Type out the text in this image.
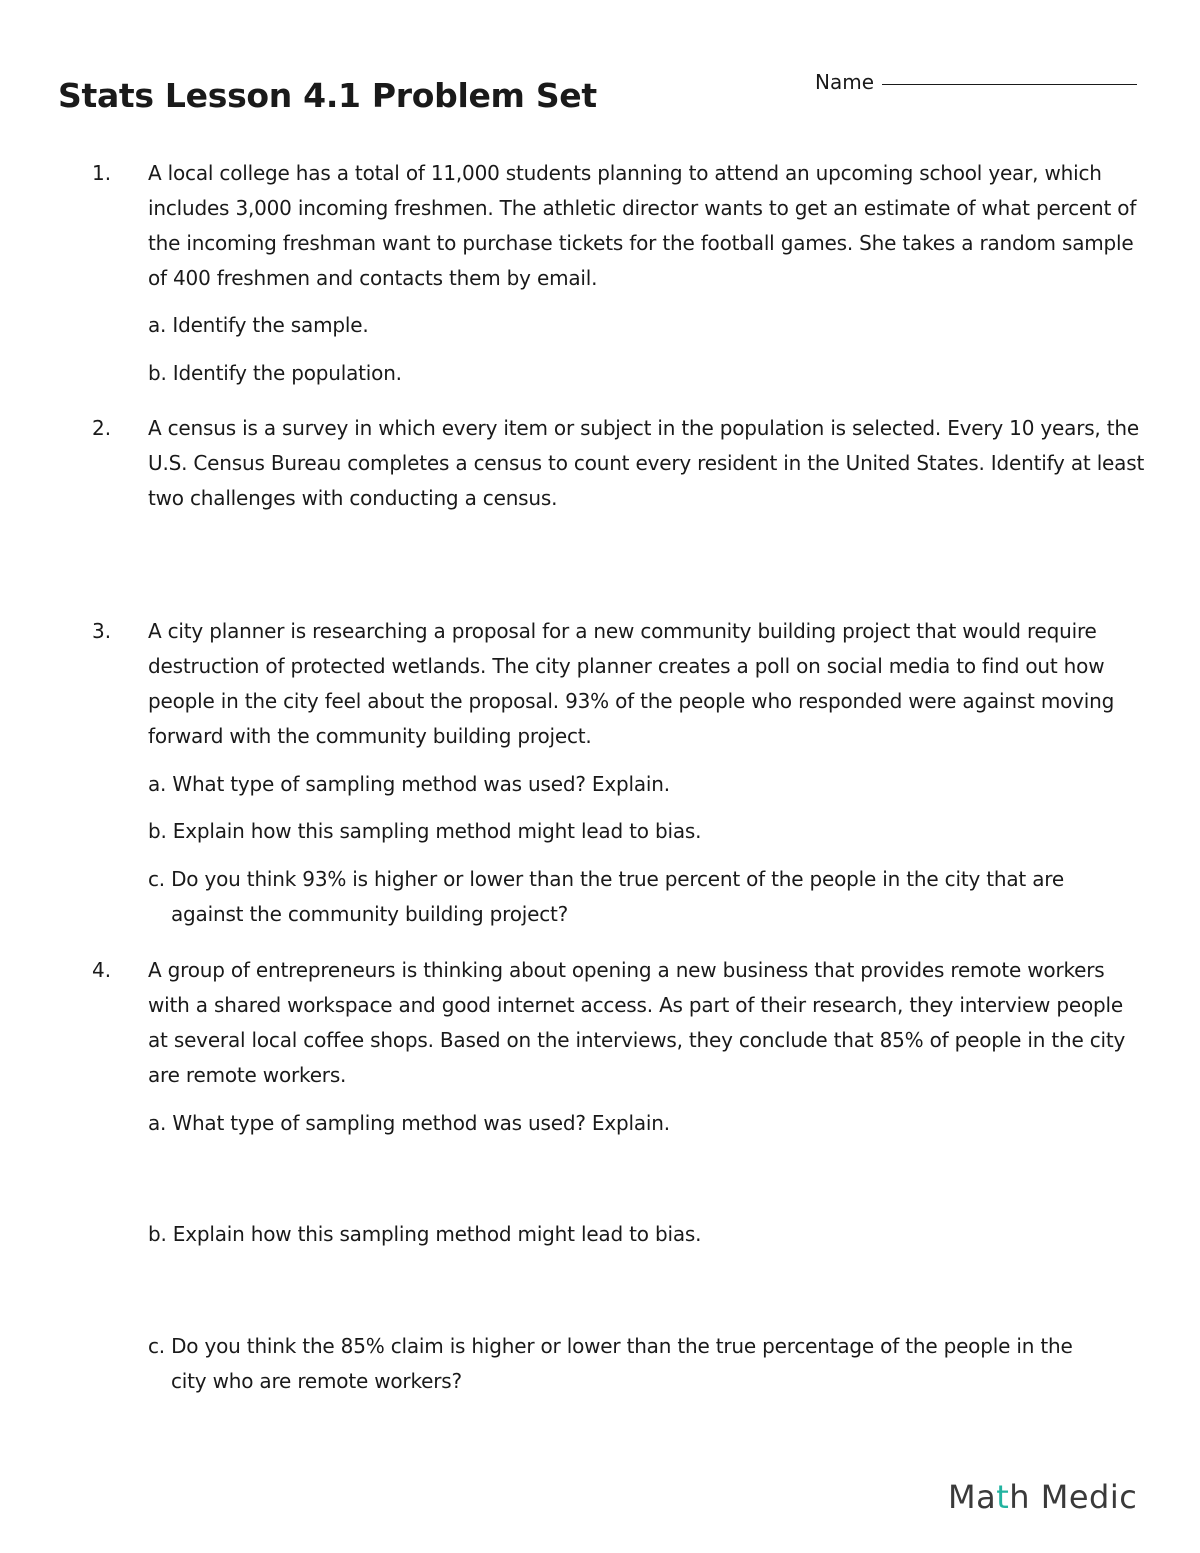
Stats Lesson 4.1 Problem Set	Name
1. A local college has a total of 11,000 students planning to attend an upcoming school year, which includes 3,000 incoming freshmen. The athletic director wants to get an estimate of what percent of the incoming freshman want to purchase tickets for the football games. She takes a random sample of 400 freshmen and contacts them by email.
a. Identify the sample.
b. Identify the population.
2. A census is a survey in which every item or subject in the population is selected. Every 10 years, the U.S. Census Bureau completes a census to count every resident in the United States. Identify at least two challenges with conducting a census.
3. A city planner is researching a proposal for a new community building project that would require destruction of protected wetlands. The city planner creates a poll on social media to find out how people in the city feel about the proposal. 93% of the people who responded were against moving forward with the community building project.
a. What type of sampling method was used? Explain.
b. Explain how this sampling method might lead to bias.
c. Do you think 93% is higher or lower than the true percent of the people in the city that are
against the community building project?
4. A group of entrepreneurs is thinking about opening a new business that provides remote workers with a shared workspace and good internet access. As part of their research, they interview people at several local coffee shops. Based on the interviews, they conclude that 85% of people in the city are remote workers.
a. What type of sampling method was used? Explain.
b. Explain how this sampling method might lead to bias.
c. Do you think the 85% claim is higher or lower than the true percentage of the people in the
city who are remote workers?
Math Medic
